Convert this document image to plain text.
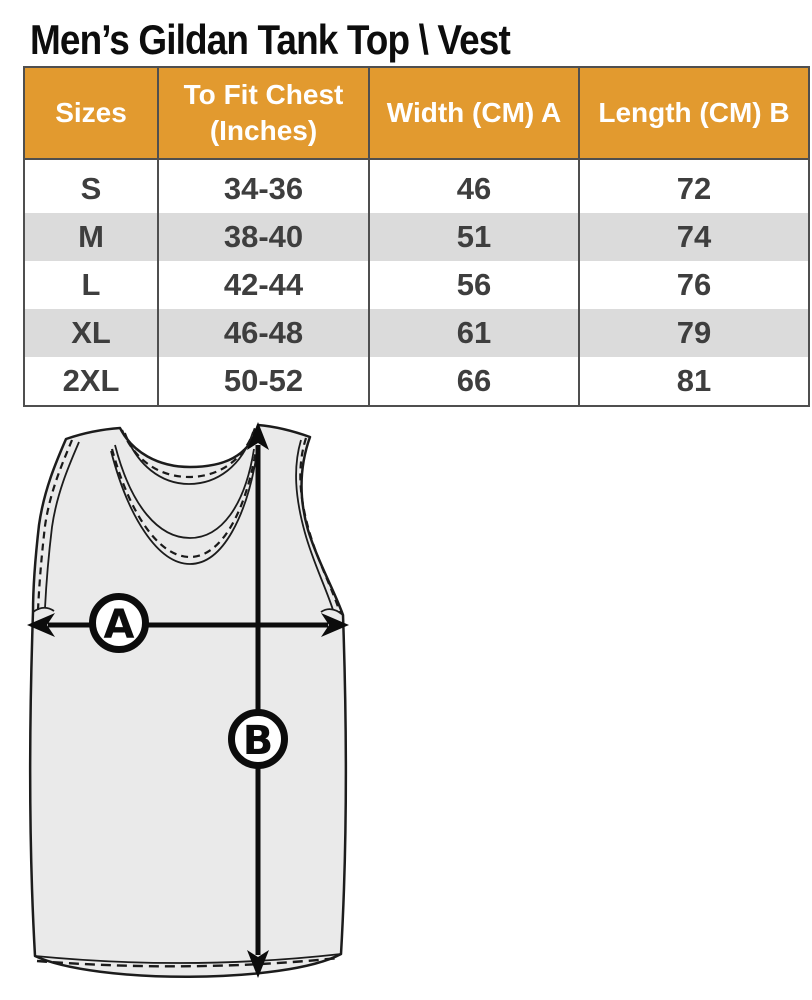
Men’s Gildan Tank Top \ Vest
Sizes	To Fit Chest (Inches)	Width (CM) A	Length (CM) B

S	34-36	46	72
M	38-40	51	74
L	42-44	56	76
XL	46-48	61	79
2XL	50-52	66	81
A
B
